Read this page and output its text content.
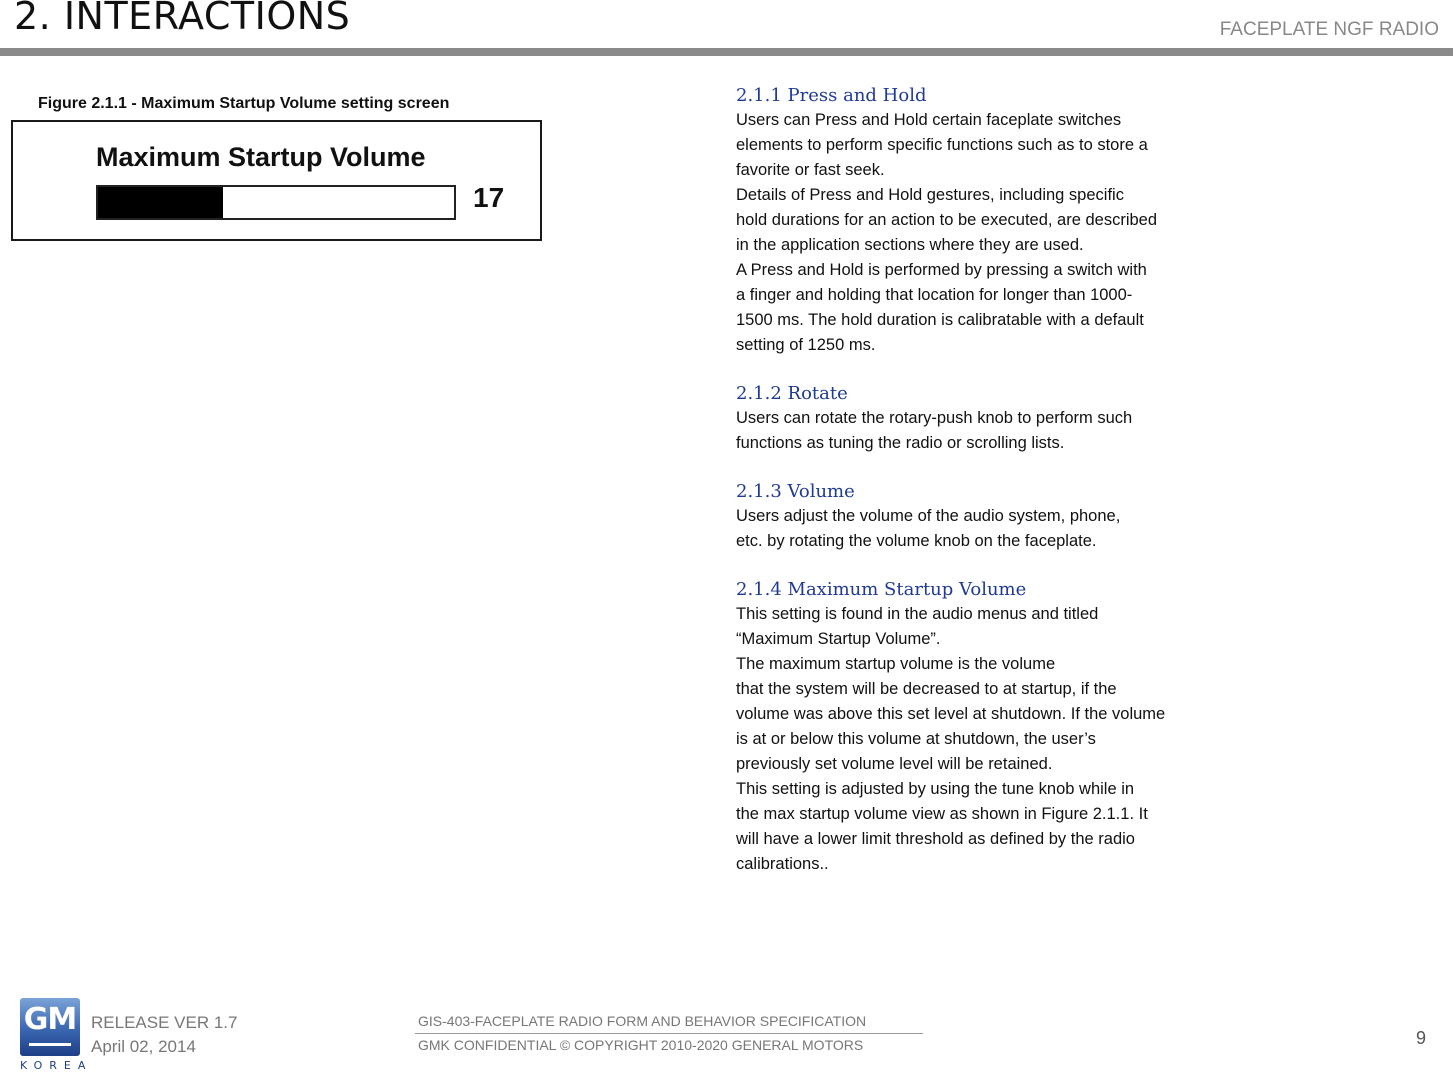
2. INTERACTIONS	FACEPLATE NGF RADIO
Figure 2.1.1 - Maximum Startup Volume setting screen
Maximum Startup Volume
17
2.1.1 Press and Hold
Users can Press and Hold certain faceplate switches
elements to perform specific functions such as to store a
favorite or fast seek.
Details of Press and Hold gestures, including specific
hold durations for an action to be executed, are described
in the application sections where they are used.
A Press and Hold is performed by pressing a switch with
a finger and holding that location for longer than 1000-
1500 ms. The hold duration is calibratable with a default
setting of 1250 ms.
2.1.2 Rotate
Users can rotate the rotary-push knob to perform such
functions as tuning the radio or scrolling lists.
2.1.3 Volume
Users adjust the volume of the audio system, phone,
etc. by rotating the volume knob on the faceplate.
2.1.4 Maximum Startup Volume
This setting is found in the audio menus and titled
“Maximum Startup Volume”.
The maximum startup volume is the volume
that the system will be decreased to at startup, if the
volume was above this set level at shutdown. If the volume
is at or below this volume at shutdown, the user’s
previously set volume level will be retained.
This setting is adjusted by using the tune knob while in
the max startup volume view as shown in Figure 2.1.1. It
will have a lower limit threshold as defined by the radio
calibrations..
GM
KOREA
RELEASE VER 1.7
April 02, 2014
GIS-403-FACEPLATE RADIO FORM AND BEHAVIOR SPECIFICATION
GMK CONFIDENTIAL © COPYRIGHT 2010-2020 GENERAL MOTORS	9
